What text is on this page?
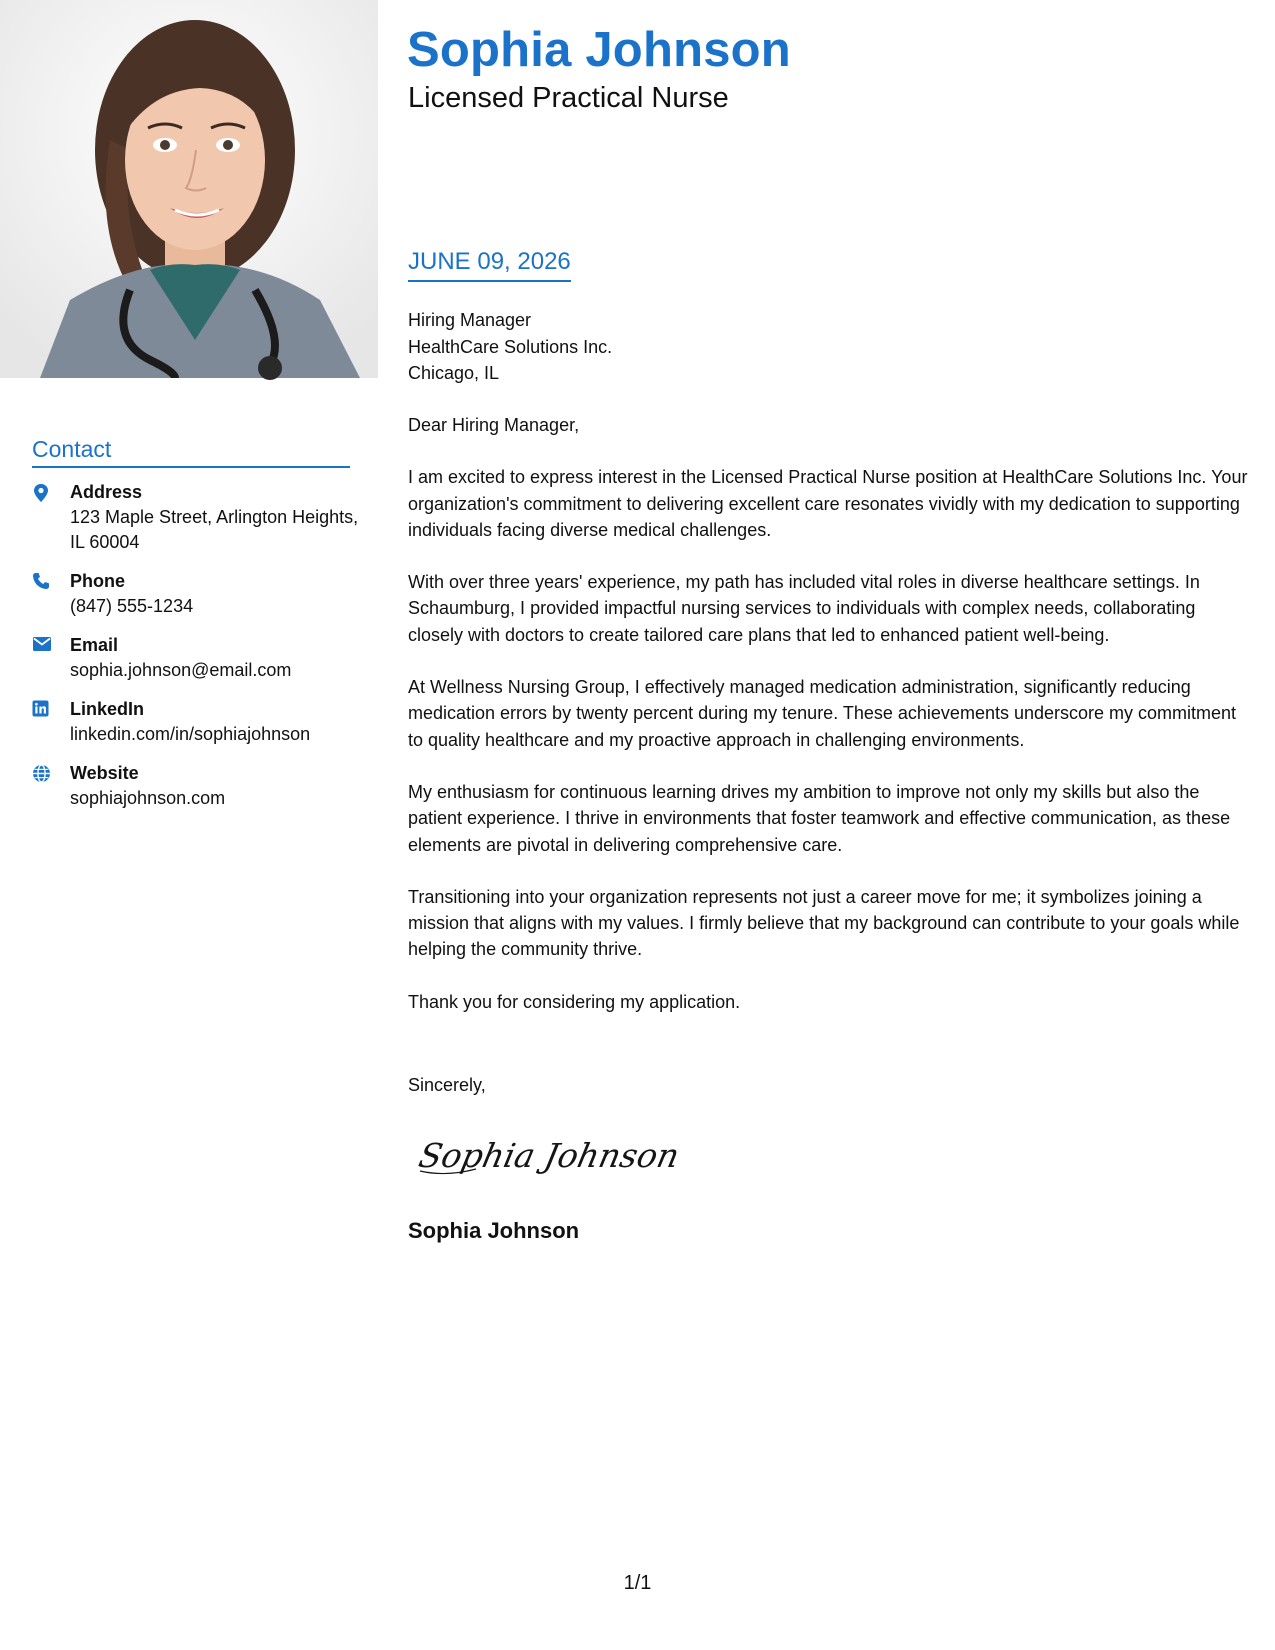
Sophia Johnson
Licensed Practical Nurse
Contact
Address
123 Maple Street, Arlington Heights, IL 60004
Phone
(847) 555-1234
Email
sophia.johnson@email.com
LinkedIn
linkedin.com/in/sophiajohnson
Website
sophiajohnson.com
JUNE 09, 2026
Hiring Manager
HealthCare Solutions Inc.
Chicago, IL

Dear Hiring Manager,

I am excited to express interest in the Licensed Practical Nurse position at HealthCare Solutions Inc. Your organization's commitment to delivering excellent care resonates vividly with my dedication to supporting individuals facing diverse medical challenges.

With over three years' experience, my path has included vital roles in diverse healthcare settings. In Schaumburg, I provided impactful nursing services to individuals with complex needs, collaborating closely with doctors to create tailored care plans that led to enhanced patient well-being.

At Wellness Nursing Group, I effectively managed medication administration, significantly reducing medication errors by twenty percent during my tenure. These achievements underscore my commitment to quality healthcare and my proactive approach in challenging environments.

My enthusiasm for continuous learning drives my ambition to improve not only my skills but also the patient experience. I thrive in environments that foster teamwork and effective communication, as these elements are pivotal in delivering comprehensive care.

Transitioning into your organization represents not just a career move for me; it symbolizes joining a mission that aligns with my values. I firmly believe that my background can contribute to your goals while helping the community thrive.

Thank you for considering my application.

Sincerely,
Sophia Johnson
Sophia Johnson
1/1
